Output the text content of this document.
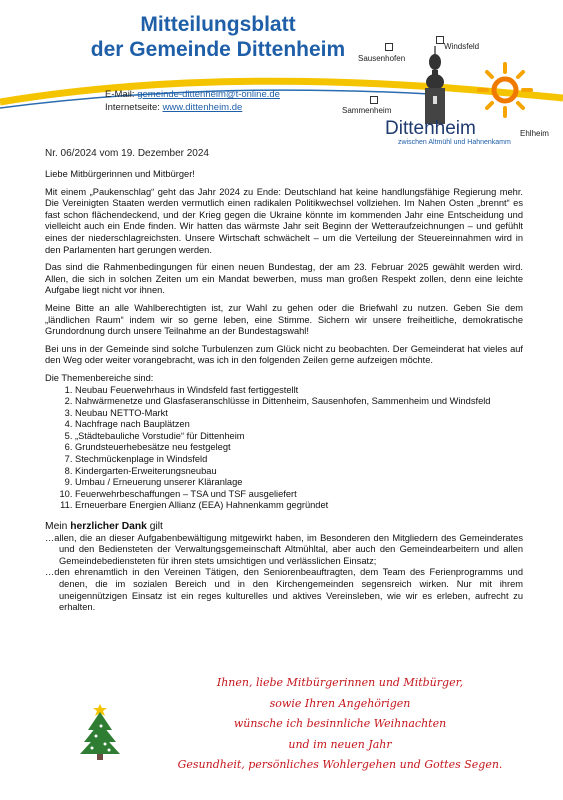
Mitteilungsblatt
der Gemeinde Dittenheim
E-Mail: gemeinde-dittenheim@t-online.de
Internetseite: www.dittenheim.de
Sausenhofen
Windsfeld
Sammenheim
Ehlheim
Dittenheim
zwischen Altmühl und Hahnenkamm
Nr. 06/2024 vom 19. Dezember 2024

Liebe Mitbürgerinnen und Mitbürger!

Mit einem „Paukenschlag“ geht das Jahr 2024 zu Ende: Deutschland hat keine handlungsfähige Regierung mehr. Die Vereinigten Staaten werden vermutlich einen radikalen Politikwechsel vollziehen. Im Nahen Osten „brennt“ es fast schon flächendeckend, und der Krieg gegen die Ukraine könnte im kommenden Jahr eine Entscheidung und vielleicht auch ein Ende finden. Wir hatten das wärmste Jahr seit Beginn der Wetteraufzeichnungen – und gefühlt eines der niederschlagreichsten. Unsere Wirtschaft schwächelt – um die Verteilung der Steuereinnahmen wird in den Parlamenten hart gerungen werden.

Das sind die Rahmenbedingungen für einen neuen Bundestag, der am 23. Februar 2025 gewählt werden wird. Allen, die sich in solchen Zeiten um ein Mandat bewerben, muss man großen Respekt zollen, denn eine leichte Aufgabe liegt nicht vor ihnen.

Meine Bitte an alle Wahlberechtigten ist, zur Wahl zu gehen oder die Briefwahl zu nutzen. Geben Sie dem „ländlichen Raum“ indem wir so gerne leben, eine Stimme. Sichern wir unsere freiheitliche, demokratische Grundordnung durch unsere Teilnahme an der Bundestagswahl!

Bei uns in der Gemeinde sind solche Turbulenzen zum Glück nicht zu beobachten. Der Gemeinderat hat vieles auf den Weg oder weiter vorangebracht, was ich in den folgenden Zeilen gerne aufzeigen möchte.

Die Themenbereiche sind:
1. Neubau Feuerwehrhaus in Windsfeld fast fertiggestellt
2. Nahwärmenetze und Glasfaseranschlüsse in Dittenheim, Sausenhofen, Sammenheim und Windsfeld
3. Neubau NETTO-Markt
4. Nachfrage nach Bauplätzen
5. „Städtebauliche Vorstudie“ für Dittenheim
6. Grundsteuerhebesätze neu festgelegt
7. Stechmückenplage in Windsfeld
8. Kindergarten-Erweiterungsneubau
9. Umbau / Erneuerung unserer Kläranlage
10. Feuerwehrbeschaffungen – TSA und TSF ausgeliefert
11. Erneuerbare Energien Allianz (EEA) Hahnenkamm gegründet
Mein herzlicher Dank gilt
…allen, die an dieser Aufgabenbewältigung mitgewirkt haben, im Besonderen den Mitgliedern des Gemeinderates und den Bediensteten der Verwaltungsgemeinschaft Altmühltal, aber auch den Gemeindearbeitern und allen Gemeindebediensteten für ihren stets umsichtigen und verlässlichen Einsatz;
…den ehrenamtlich in den Vereinen Tätigen, den Seniorenbeauftragten, dem Team des Ferienprogramms und denen, die im sozialen Bereich und in den Kirchengemeinden segensreich wirken. Nur mit ihrem uneigennützigen Einsatz ist ein reges kulturelles und aktives Vereinsleben, wie wir es erleben, aufrecht zu erhalten.
Ihnen, liebe Mitbürgerinnen und Mitbürger,
sowie Ihren Angehörigen
wünsche ich besinnliche Weihnachten
und im neuen Jahr
Gesundheit, persönliches Wohlergehen und Gottes Segen.
